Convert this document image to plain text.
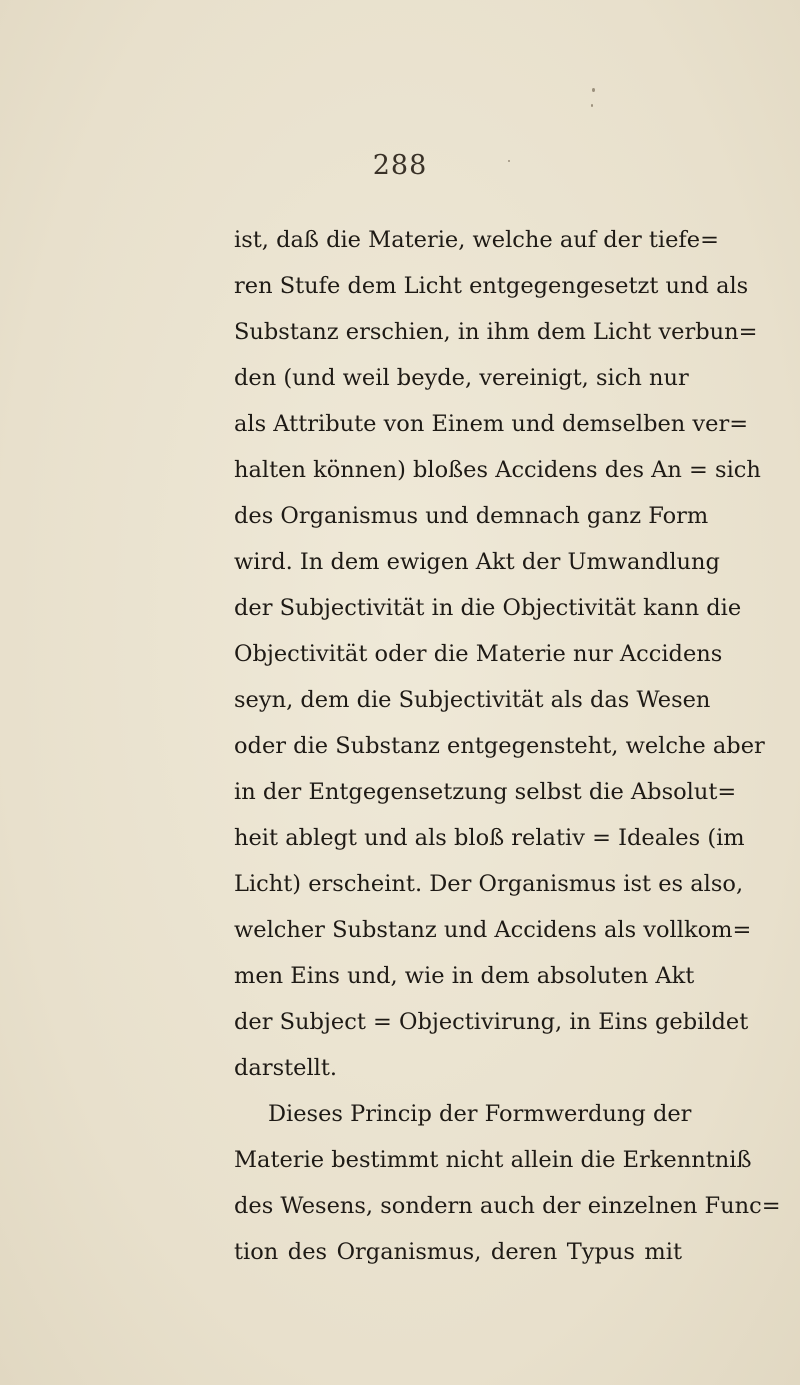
288
ist, daß die Materie, welche auf der tiefe=
ren Stufe dem Licht entgegengesetzt und als
Substanz erschien, in ihm dem Licht verbun=
den (und weil beyde, vereinigt, sich nur
als Attribute von Einem und demselben ver=
halten können) bloßes Accidens des An = sich
des Organismus und demnach ganz Form
wird. In dem ewigen Akt der Umwandlung
der Subjectivität in die Objectivität kann die
Objectivität oder die Materie nur Accidens
seyn, dem die Subjectivität als das Wesen
oder die Substanz entgegensteht, welche aber
in der Entgegensetzung selbst die Absolut=
heit ablegt und als bloß relativ = Ideales (im
Licht) erscheint. Der Organismus ist es also,
welcher Substanz und Accidens als vollkom=
men Eins und, wie in dem absoluten Akt
der Subject = Objectivirung, in Eins gebildet
darstellt.
Dieses Princip der Formwerdung der
Materie bestimmt nicht allein die Erkenntniß
des Wesens, sondern auch der einzelnen Func=
tion des Organismus, deren Typus mit
